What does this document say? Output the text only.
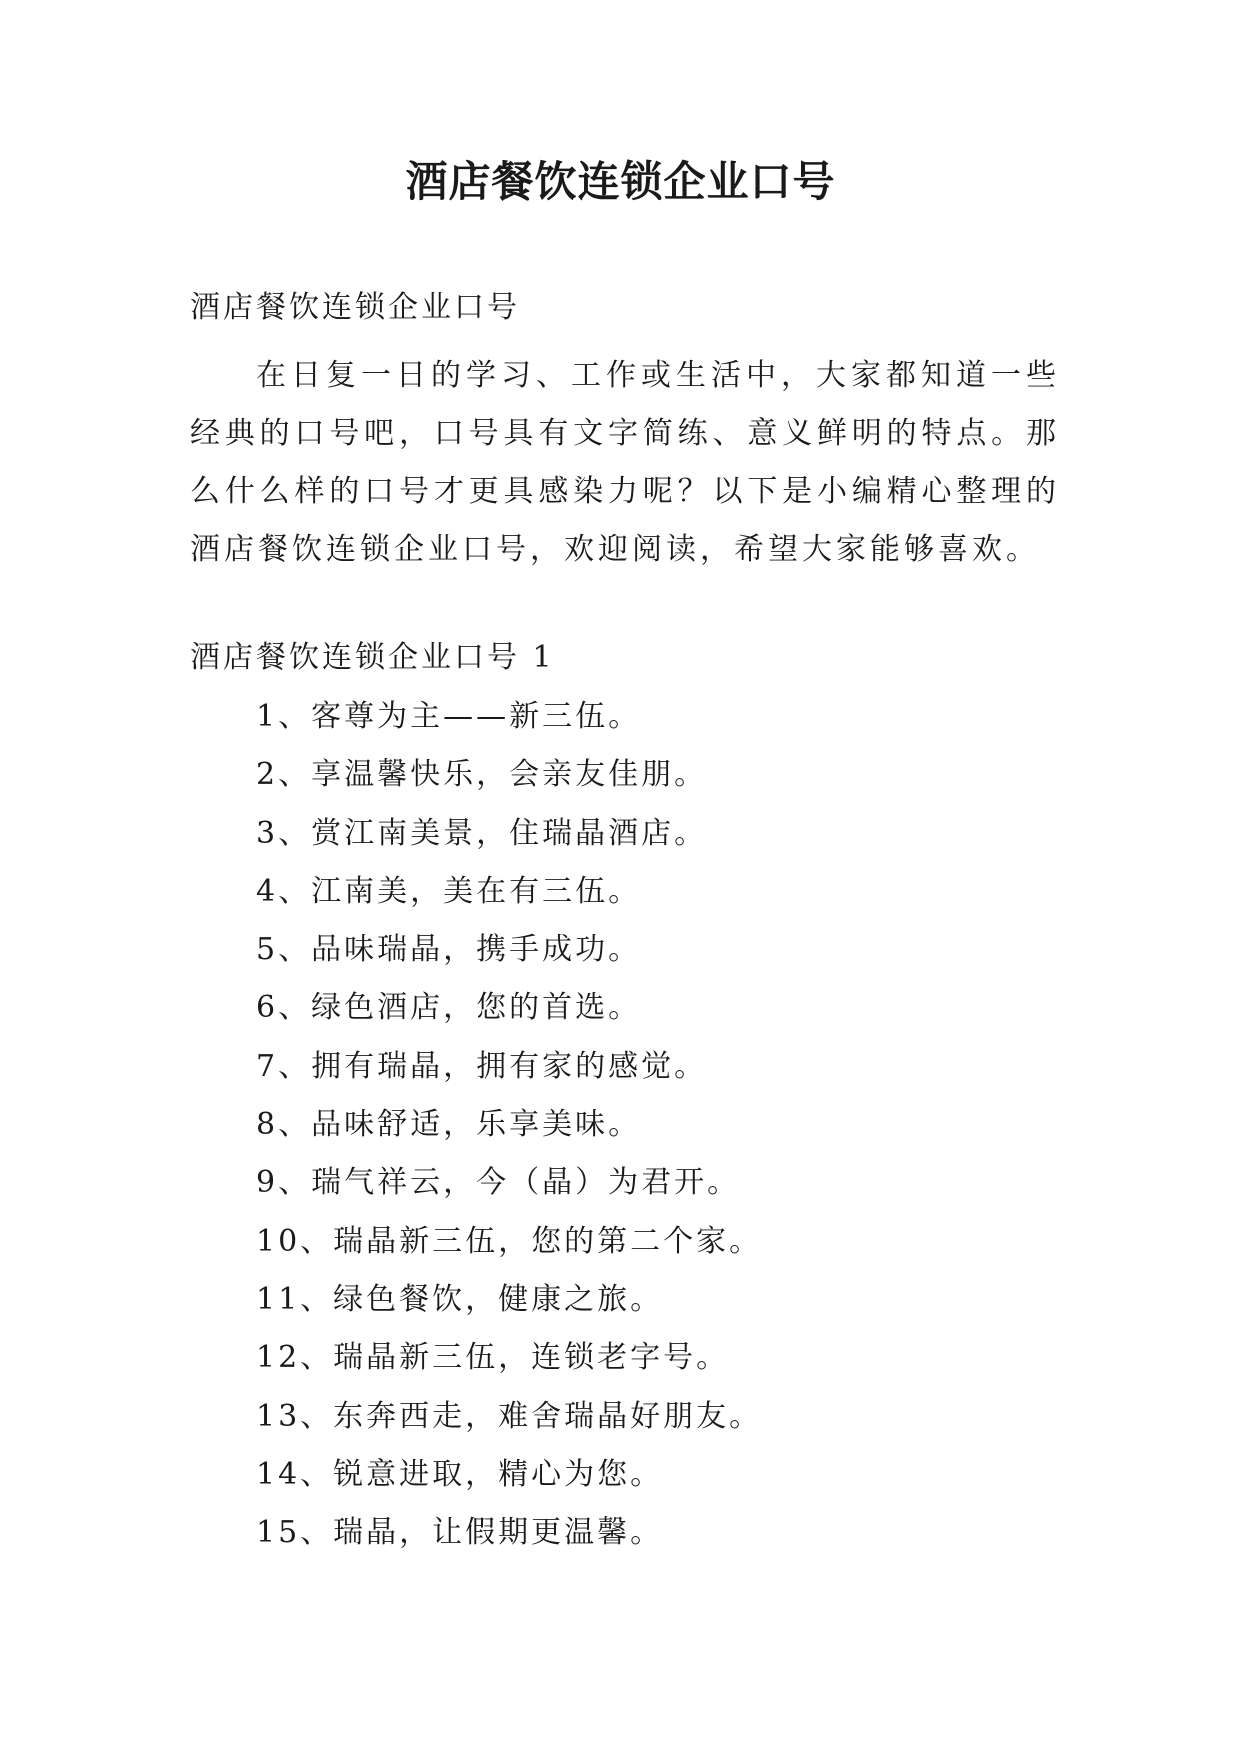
酒店餐饮连锁企业口号

酒店餐饮连锁企业口号

在日复一日的学习、工作或生活中，大家都知道一些经典的口号吧，口号具有文字简练、意义鲜明的特点。那么什么样的口号才更具感染力呢？以下是小编精心整理的酒店餐饮连锁企业口号，欢迎阅读，希望大家能够喜欢。

酒店餐饮连锁企业口号 1

1、客尊为主——新三伍。
2、享温馨快乐，会亲友佳朋。
3、赏江南美景，住瑞晶酒店。
4、江南美，美在有三伍。
5、品味瑞晶，携手成功。
6、绿色酒店，您的首选。
7、拥有瑞晶，拥有家的感觉。
8、品味舒适，乐享美味。
9、瑞气祥云，今（晶）为君开。
10、瑞晶新三伍，您的第二个家。
11、绿色餐饮，健康之旅。
12、瑞晶新三伍，连锁老字号。
13、东奔西走，难舍瑞晶好朋友。
14、锐意进取，精心为您。
15、瑞晶，让假期更温馨。
